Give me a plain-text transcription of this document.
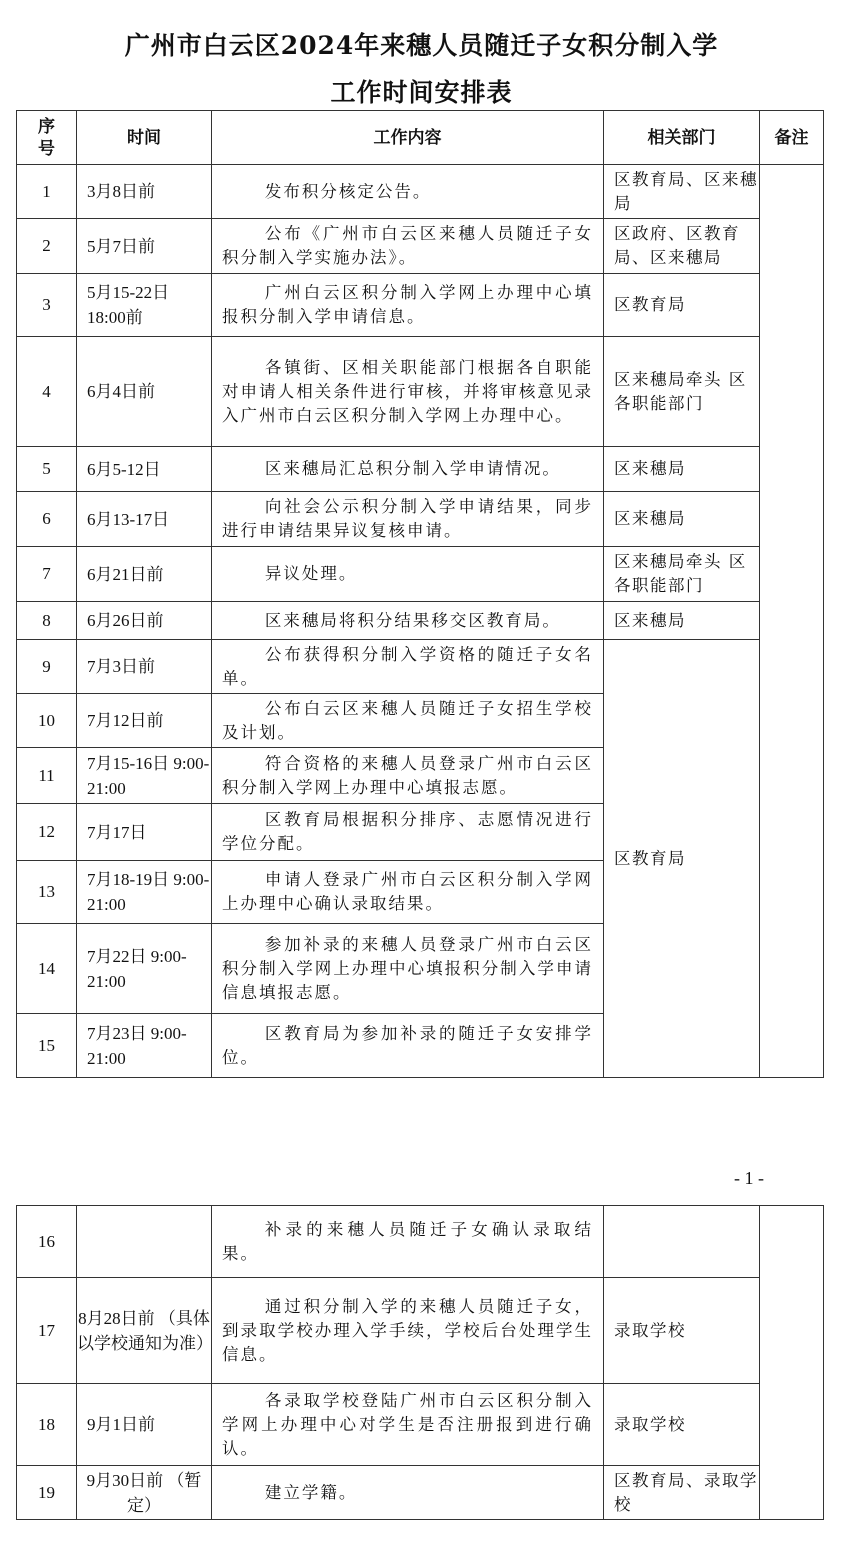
广州市白云区2024年来穗人员随迁子女积分制入学
工作时间安排表
序号	时间	工作内容	相关部门	备注
1	3月8日前	发布积分核定公告。	区教育局、区来穗局	
2	5月7日前	公布《广州市白云区来穗人员随迁子女积分制入学实施办法》。	区政府、区教育局、区来穗局	
3	5月15-22日 18:00前	广州白云区积分制入学网上办理中心填报积分制入学申请信息。	区教育局	
4	6月4日前	各镇街、区相关职能部门根据各自职能对申请人相关条件进行审核，并将审核意见录入广州市白云区积分制入学网上办理中心。	区来穗局牵头 区各职能部门	
5	6月5-12日	区来穗局汇总积分制入学申请情况。	区来穗局	
6	6月13-17日	向社会公示积分制入学申请结果，同步进行申请结果异议复核申请。	区来穗局	
7	6月21日前	异议处理。	区来穗局牵头 区各职能部门	
8	6月26日前	区来穗局将积分结果移交区教育局。	区来穗局	
9	7月3日前	公布获得积分制入学资格的随迁子女名单。	区教育局	
10	7月12日前	公布白云区来穗人员随迁子女招生学校及计划。		
11	7月15-16日 9:00-21:00	符合资格的来穗人员登录广州市白云区积分制入学网上办理中心填报志愿。		
12	7月17日	区教育局根据积分排序、志愿情况进行学位分配。		
13	7月18-19日 9:00-21:00	申请人登录广州市白云区积分制入学网上办理中心确认录取结果。		
14	7月22日 9:00-21:00	参加补录的来穗人员登录广州市白云区积分制入学网上办理中心填报积分制入学申请信息填报志愿。		
15	7月23日 9:00-21:00	区教育局为参加补录的随迁子女安排学位。		
- 1 -
16		补录的来穗人员随迁子女确认录取结果。		
17	8月28日前 （具体以学校通知为准）	通过积分制入学的来穗人员随迁子女，到录取学校办理入学手续，学校后台处理学生信息。	录取学校	
18	9月1日前	各录取学校登陆广州市白云区积分制入学网上办理中心对学生是否注册报到进行确认。	录取学校	
19	9月30日前 （暂定）	建立学籍。	区教育局、录取学校	
